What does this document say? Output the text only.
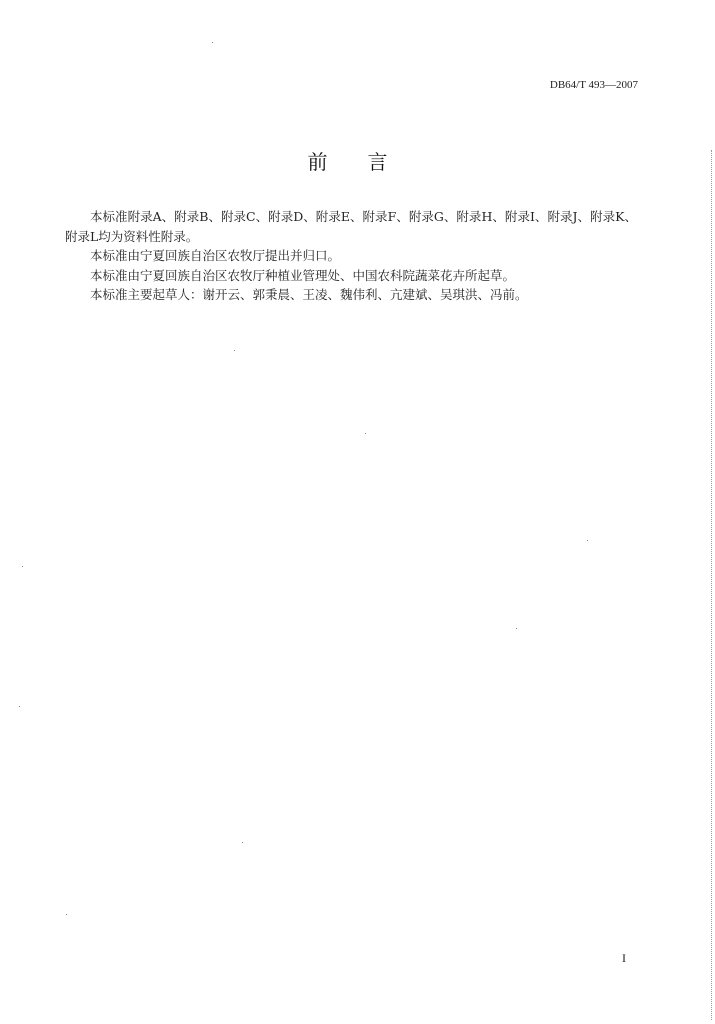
DB64/T 493—2007
前言

本标准附录A、附录B、附录C、附录D、附录E、附录F、附录G、附录H、附录I、附录J、附录K、附录L均为资料性附录。

本标准由宁夏回族自治区农牧厅提出并归口。

本标准由宁夏回族自治区农牧厅种植业管理处、中国农科院蔬菜花卉所起草。

本标准主要起草人：谢开云、郭秉晨、王凌、魏伟利、亢建斌、吴琪洪、冯前。

I
